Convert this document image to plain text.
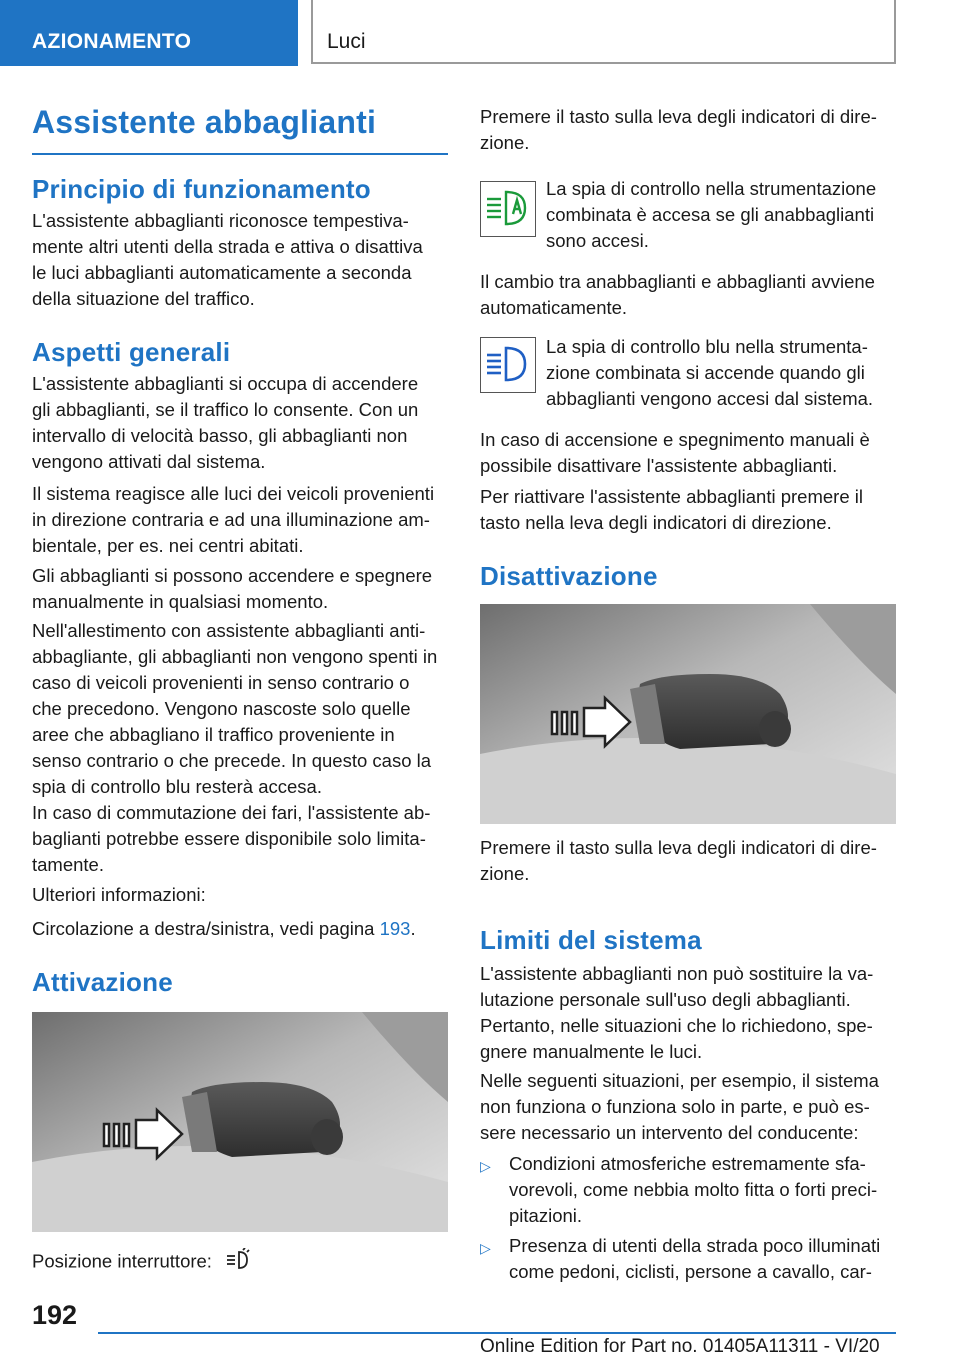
AZIONAMENTO	Luci
Assistente abbaglianti
Principio di funzionamento

L'assistente abbaglianti riconosce tempestiva-
mente altri utenti della strada e attiva o disattiva
le luci abbaglianti automaticamente a seconda
della situazione del traffico.

Aspetti generali

L'assistente abbaglianti si occupa di accendere
gli abbaglianti, se il traffico lo consente. Con un
intervallo di velocità basso, gli abbaglianti non
vengono attivati dal sistema.

Il sistema reagisce alle luci dei veicoli provenienti
in direzione contraria e ad una illuminazione am-
bientale, per es. nei centri abitati.

Gli abbaglianti si possono accendere e spegnere
manualmente in qualsiasi momento.

Nell'allestimento con assistente abbaglianti anti-
abbagliante, gli abbaglianti non vengono spenti in
caso di veicoli provenienti in senso contrario o
che precedono. Vengono nascoste solo quelle
aree che abbagliano il traffico proveniente in
senso contrario o che precede. In questo caso la
spia di controllo blu resterà accesa.

In caso di commutazione dei fari, l'assistente ab-
baglianti potrebbe essere disponibile solo limita-
tamente.

Ulteriori informazioni:

Circolazione a destra/sinistra, vedi pagina 193.

Attivazione

Posizione interruttore:

Premere il tasto sulla leva degli indicatori di dire-
zione.

La spia di controllo nella strumentazione
combinata è accesa se gli anabbaglianti
sono accesi.

Il cambio tra anabbaglianti e abbaglianti avviene
automaticamente.

La spia di controllo blu nella strumenta-
zione combinata si accende quando gli
abbaglianti vengono accesi dal sistema.

In caso di accensione e spegnimento manuali è
possibile disattivare l'assistente abbaglianti.

Per riattivare l'assistente abbaglianti premere il
tasto nella leva degli indicatori di direzione.

Disattivazione

Premere il tasto sulla leva degli indicatori di dire-
zione.

Limiti del sistema

L'assistente abbaglianti non può sostituire la va-
lutazione personale sull'uso degli abbaglianti.
Pertanto, nelle situazioni che lo richiedono, spe-
gnere manualmente le luci.

Nelle seguenti situazioni, per esempio, il sistema
non funziona o funziona solo in parte, e può es-
sere necessario un intervento del conducente:

▷ Condizioni atmosferiche estremamente sfa-
vorevoli, come nebbia molto fitta o forti preci-
pitazioni.

▷ Presenza di utenti della strada poco illuminati
come pedoni, ciclisti, persone a cavallo, car-

192
Online Edition for Part no. 01405A11311 - VI/20
